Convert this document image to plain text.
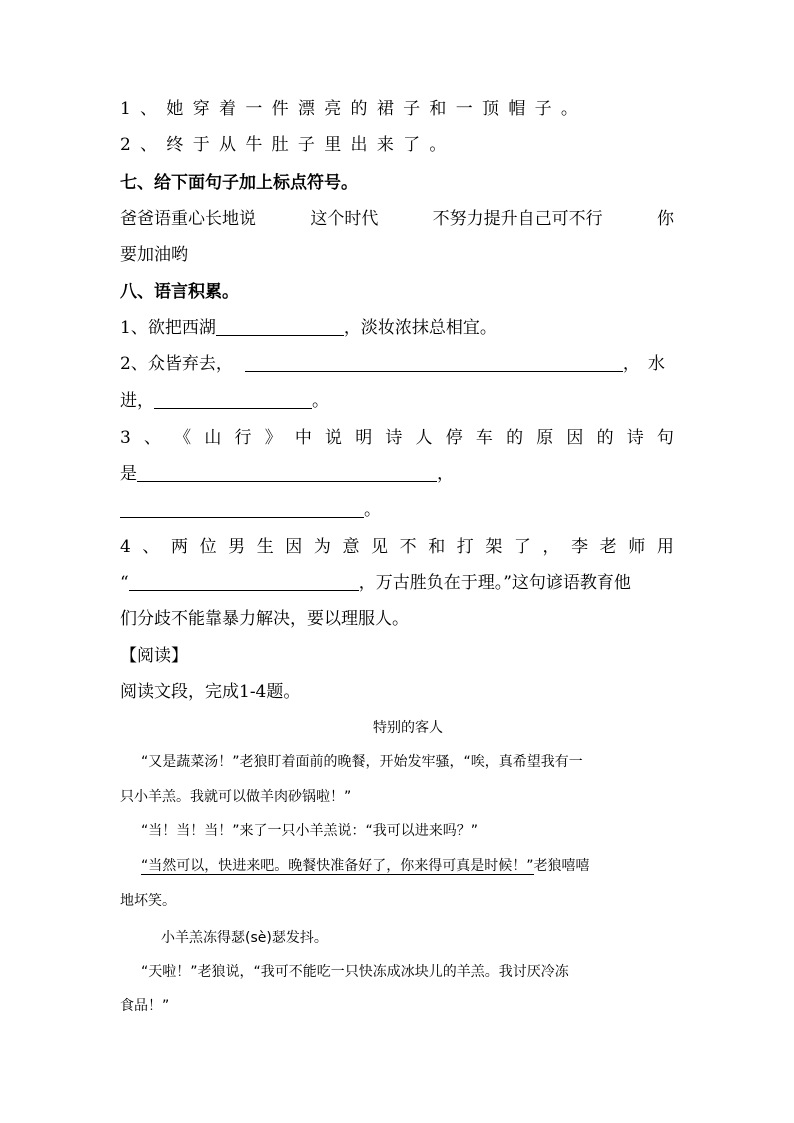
1、她穿着一件漂亮的裙子和一顶帽子。
2、终于从牛肚子里出来了。
七、给下面句子加上标点符号。
爸爸语重心长地说	这个时代	不努力提升自己可不行	你
要加油哟
八、语言积累。
1、欲把西湖	，淡妆浓抹总相宜。
2、众皆弃去，	，水
进，	。
3 、 《 山 行 》 中 说 明 诗 人 停 车 的 原 因 的 诗 句
是	，
。
4 、 两 位 男 生 因 为 意 见 不 和 打 架 了 ， 李 老 师 用
“	，万古胜负在于理。”这句谚语教育他
们分歧不能靠暴力解决，要以理服人。
【阅读】
阅读文段，完成1-4题。
特别的客人
“又是蔬菜汤！”老狼盯着面前的晚餐，开始发牢骚，“唉，真希望我有一
只小羊羔。我就可以做羊肉砂锅啦！”
“当！当！当！”来了一只小羊羔说：“我可以进来吗？”
“当然可以，快进来吧。晚餐快准备好了，你来得可真是时候！”老狼嘻嘻
地坏笑。
小羊羔冻得瑟(sè)瑟发抖。
“天啦！”老狼说，“我可不能吃一只快冻成冰块儿的羊羔。我讨厌冷冻
食品！”
